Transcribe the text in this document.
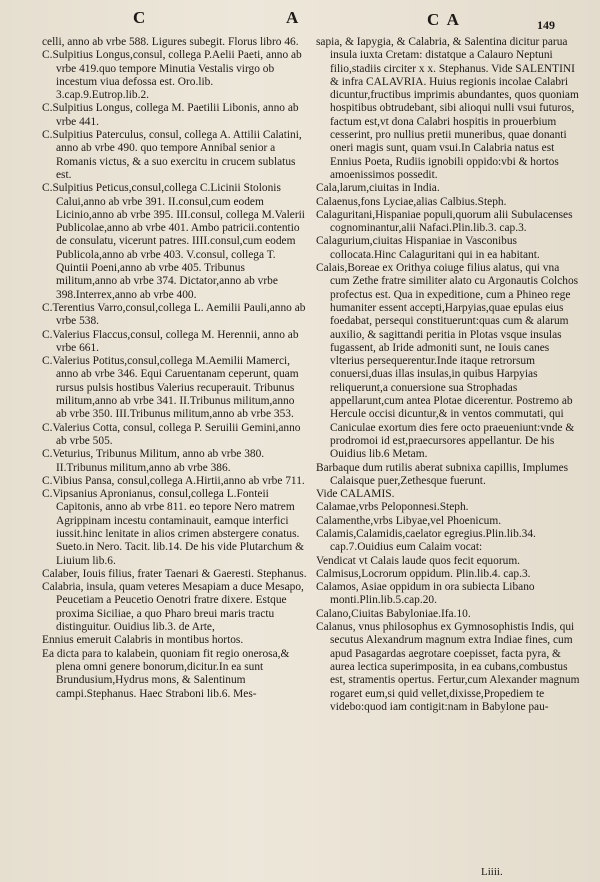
C	A	C A	149

celli, anno ab vrbe 588. Ligures subegit. Florus libro 46.

C.Sulpitius Longus,consul, collega P.Aelii Paeti, anno ab vrbe 419.quo tempore Minutia Vestalis virgo ob incestum viua defossa est. Oro.lib. 3.cap.9.Eutrop.lib.2.

C.Sulpitius Longus, collega M. Paetilii Libonis, anno ab vrbe 441.

C.Sulpitius Paterculus, consul, collega A. Attilii Calatini, anno ab vrbe 490. quo tempore Annibal senior a Romanis victus, & a suo exercitu in crucem sublatus est.

C.Sulpitius Peticus,consul,collega C.Licinii Stolonis Calui,anno ab vrbe 391. II.consul,cum eodem Licinio,anno ab vrbe 395. III.consul, collega M.Valerii Publicolae,anno ab vrbe 401. Ambo patricii.contentio de consulatu, vicerunt patres. IIII.consul,cum eodem Publicola,anno ab vrbe 403. V.consul, collega T. Quintii Poeni,anno ab vrbe 405. Tribunus militum,anno ab vrbe 374. Dictator,anno ab vrbe 398.Interrex,anno ab vrbe 400.

C.Terentius Varro,consul,collega L. Aemilii Pauli,anno ab vrbe 538.

C.Valerius Flaccus,consul, collega M. Herennii, anno ab vrbe 661.

C.Valerius Potitus,consul,collega M.Aemilii Mamerci, anno ab vrbe 346. Equi Caruentanam ceperunt, quam rursus pulsis hostibus Valerius recuperauit. Tribunus militum,anno ab vrbe 341. II.Tribunus militum,anno ab vrbe 350. III.Tribunus militum,anno ab vrbe 353.

C.Valerius Cotta, consul, collega P. Seruilii Gemini,anno ab vrbe 505.

C.Veturius, Tribunus Militum, anno ab vrbe 380. II.Tribunus militum,anno ab vrbe 386.

C.Vibius Pansa, consul,collega A.Hirtii,anno ab vrbe 711.

C.Vipsanius Apronianus, consul,collega L.Fonteii Capitonis, anno ab vrbe 811. eo tepore Nero matrem Agrippinam incestu contaminauit, eamque interfici iussit.hinc lenitate in alios crimen abstergere conatus. Sueto.in Nero. Tacit. lib.14. De his vide Plutarchum & Liuium lib.6.

Calaber, Iouis filius, frater Taenari & Gaeresti. Stephanus.

Calabria, insula, quam veteres Mesapiam a duce Mesapo, Peucetiam a Peucetio Oenotri fratre dixere. Estque proxima Siciliae, a quo Pharo breui maris tractu distinguitur. Ouidius lib.3. de Arte,

Ennius emeruit Calabris in montibus hortos.

Ea dicta para to kalabein, quoniam fit regio onerosa,& plena omni genere bonorum,dicitur.In ea sunt Brundusium,Hydrus mons, & Salentinum campi.Stephanus. Haec Straboni lib.6. Mes-

sapia, & Iapygia, & Calabria, & Salentina dicitur parua insula iuxta Cretam: distatque a Calauro Neptuni filio,stadiis circiter x x. Stephanus. Vide SALENTINI & infra CALAVRIA. Huius regionis incolae Calabri dicuntur,fructibus imprimis abundantes, quos quoniam hospitibus obtrudebant, sibi alioqui nulli vsui futuros, factum est,vt dona Calabri hospitis in prouerbium cesserint, pro nullius pretii muneribus, quae donanti oneri magis sunt, quam vsui.In Calabria natus est Ennius Poeta, Rudiis ignobili oppido:vbi & hortos amoenissimos possedit.

Cala,larum,ciuitas in India.

Calaenus,fons Lyciae,alias Calbius.Steph.

Calaguritani,Hispaniae populi,quorum alii Subulacenses cognominantur,alii Nafaci.Plin.lib.3. cap.3.

Calagurium,ciuitas Hispaniae in Vasconibus collocata.Hinc Calaguritani qui in ea habitant.

Calais,Boreae ex Orithya coiuge filius alatus, qui vna cum Zethe fratre similiter alato cu Argonautis Colchos profectus est. Qua in expeditione, cum a Phineo rege humaniter essent accepti,Harpyias,quae epulas eius foedabat, persequi constituerunt:quas cum & alarum auxilio, & sagittandi peritia in Plotas vsque insulas fugassent, ab Iride admoniti sunt, ne Iouis canes vlterius persequerentur.Inde itaque retrorsum conuersi,duas illas insulas,in quibus Harpyias reliquerunt,a conuersione sua Strophadas appellarunt,cum antea Plotae dicerentur. Postremo ab Hercule occisi dicuntur,& in ventos commutati, qui Caniculae exortum dies fere octo praeueniunt:vnde & prodromoi id est,praecursores appellantur. De his Ouidius lib.6 Metam.

Barbaque dum rutilis aberat subnixa capillis, Implumes Calaisque puer,Zethesque fuerunt.

Vide CALAMIS.

Calamae,vrbs Peloponnesi.Steph.

Calamenthe,vrbs Libyae,vel Phoenicum.

Calamis,Calamidis,caelator egregius.Plin.lib.34. cap.7.Ouidius eum Calaim vocat:

Vendicat vt Calais laude quos fecit equorum.

Calmisus,Locrorum oppidum. Plin.lib.4. cap.3.

Calamos, Asiae oppidum in ora subiecta Libano monti.Plin.lib.5.cap.20.

Calano,Ciuitas Babyloniae.Ifa.10.

Calanus, vnus philosophus ex Gymnosophistis Indis, qui secutus Alexandrum magnum extra Indiae fines, cum apud Pasagardas aegrotare coepisset, facta pyra, & aurea lectica superimposita, in ea cubans,combustus est, stramentis opertus. Fertur,cum Alexander magnum rogaret eum,si quid vellet,dixisse,Propediem te videbo:quod iam contigit:nam in Babylone pau-

Liiii.
